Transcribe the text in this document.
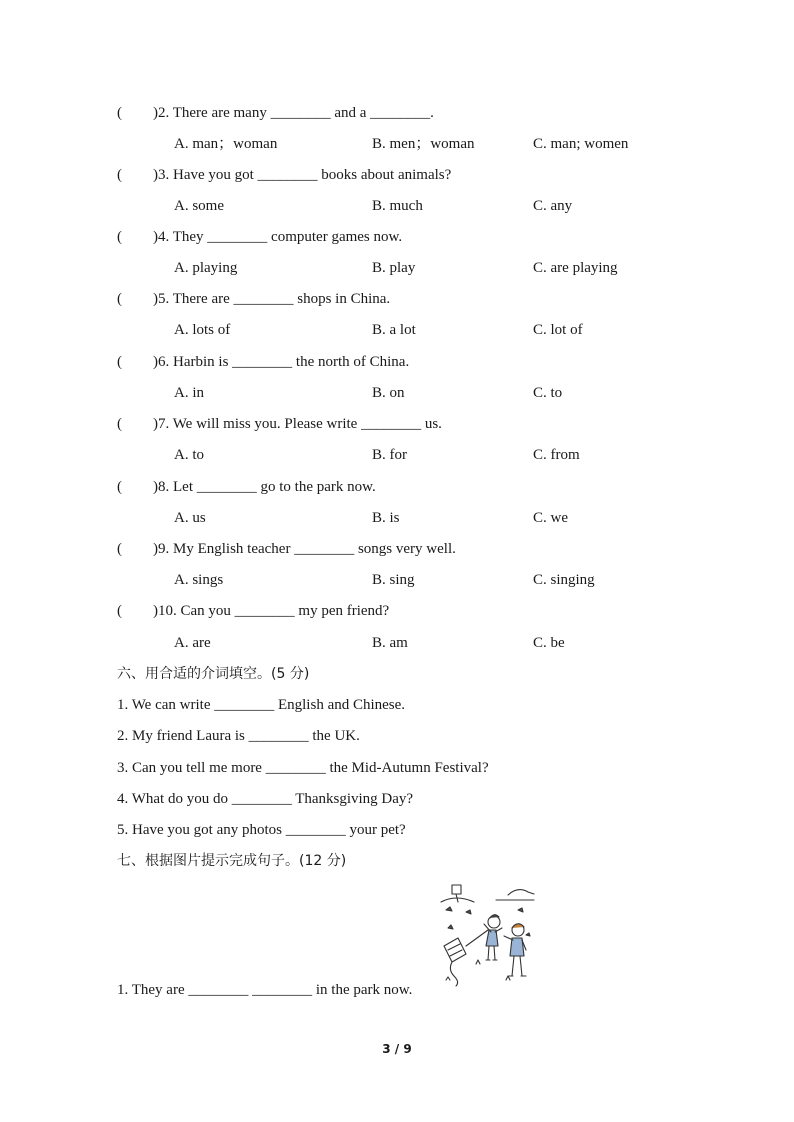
( )2. There are many ________ and a ________.
A. man；woman	B. men；woman	C. man; women
( )3. Have you got ________ books about animals?
A. some	B. much	C. any
( )4. They ________ computer games now.
A. playing	B. play	C. are playing
( )5. There are ________ shops in China.
A. lots of	B. a lot	C. lot of
( )6. Harbin is ________ the north of China.
A. in	B. on	C. to
( )7. We will miss you. Please write ________ us.
A. to	B. for	C. from
( )8. Let ________ go to the park now.
A. us	B. is	C. we
( )9. My English teacher ________ songs very well.
A. sings	B. sing	C. singing
( )10. Can you ________ my pen friend?
A. are	B. am	C. be
六、用合适的介词填空。(5 分)
1. We can write ________ English and Chinese.
2. My friend Laura is ________ the UK.
3. Can you tell me more ________ the Mid-Autumn Festival?
4. What do you do ________ Thanksgiving Day?
5. Have you got any photos ________ your pet?
七、根据图片提示完成句子。(12 分)
1. They are ________ ________ in the park now.
3 / 9
